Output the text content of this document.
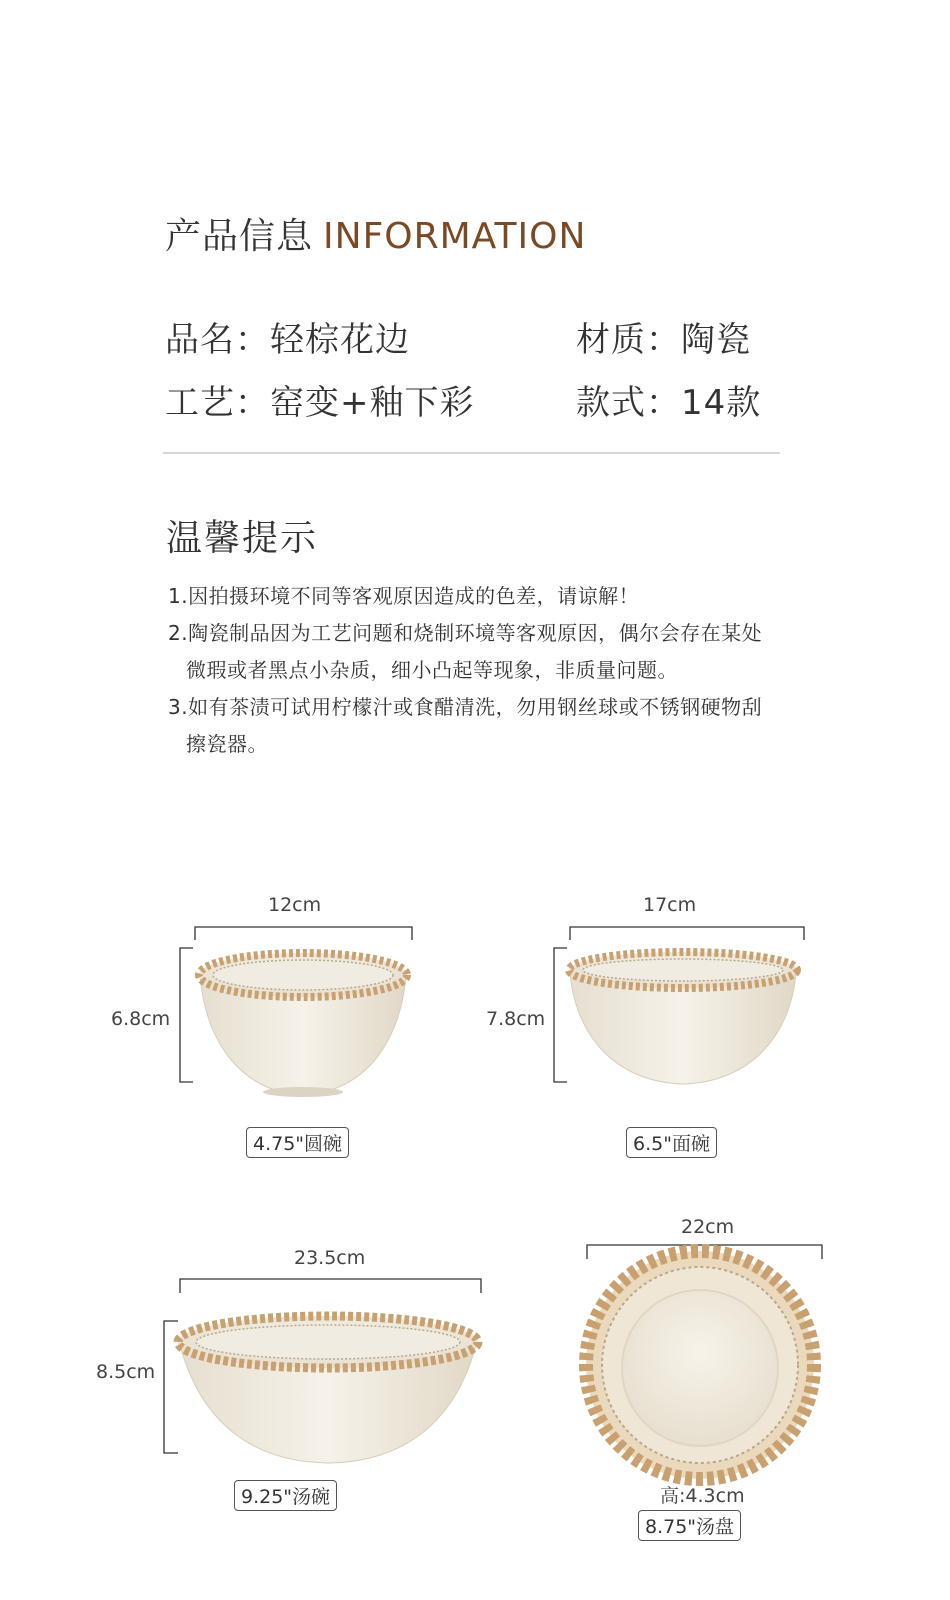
产品信息 INFORMATION
品名：轻棕花边	材质：陶瓷
工艺：窑变+釉下彩	款式：14款
温馨提示
1.因拍摄环境不同等客观原因造成的色差，请谅解！
2.陶瓷制品因为工艺问题和烧制环境等客观原因，偶尔会存在某处
微瑕或者黑点小杂质，细小凸起等现象，非质量问题。
3.如有茶渍可试用柠檬汁或食醋清洗，勿用钢丝球或不锈钢硬物刮
擦瓷器。
12cm
6.8cm
4.75"圆碗
17cm
7.8cm
6.5"面碗
23.5cm
8.5cm
9.25"汤碗
22cm
高:4.3cm
8.75"汤盘
